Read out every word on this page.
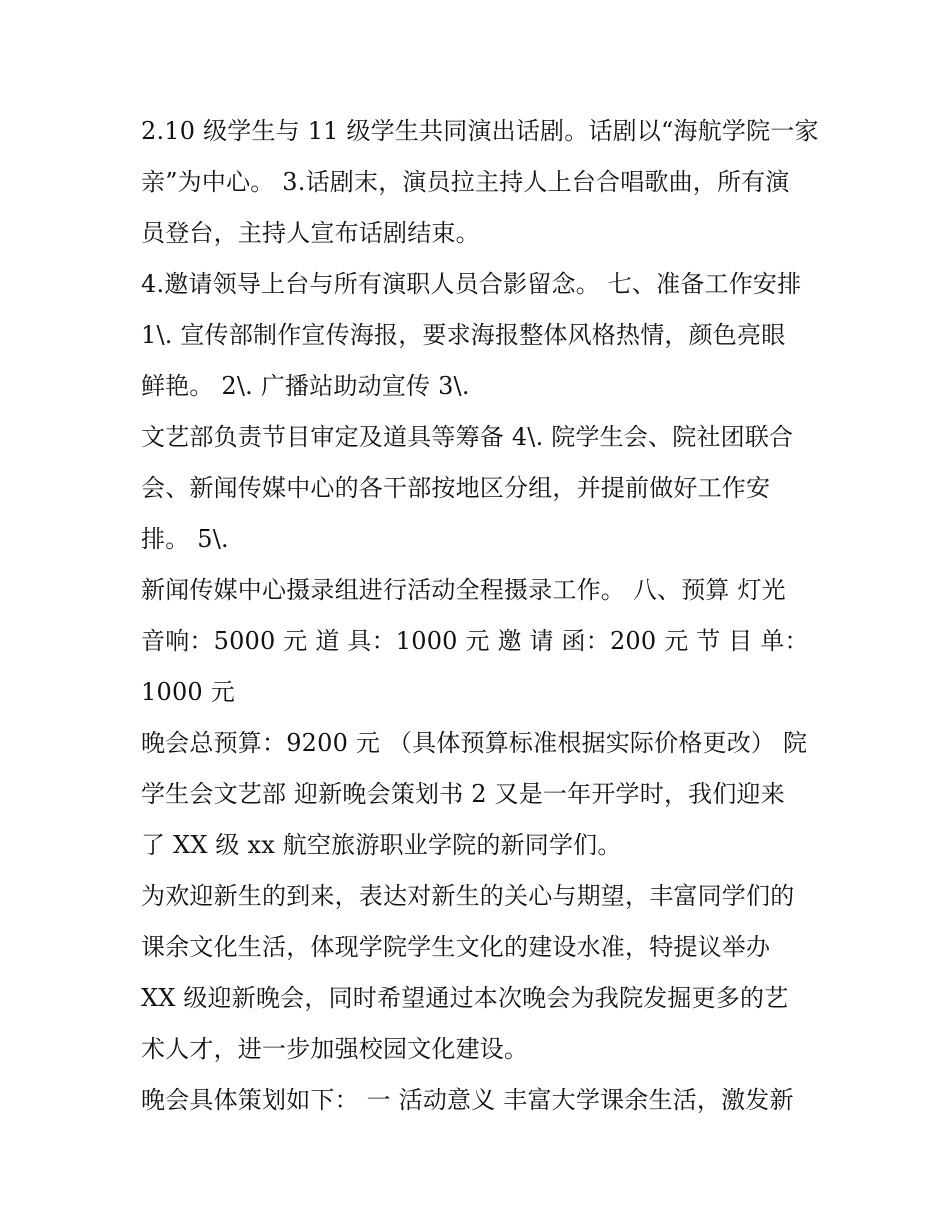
2.10 级学生与 11 级学生共同演出话剧。话剧以“海航学院一家
亲”为中心。 3.话剧末，演员拉主持人上台合唱歌曲，所有演
员登台，主持人宣布话剧结束。
4.邀请领导上台与所有演职人员合影留念。 七、准备工作安排
1\. 宣传部制作宣传海报，要求海报整体风格热情，颜色亮眼
鲜艳。 2\. 广播站助动宣传 3\.
文艺部负责节目审定及道具等筹备 4\. 院学生会、院社团联合
会、新闻传媒中心的各干部按地区分组，并提前做好工作安
排。 5\.
新闻传媒中心摄录组进行活动全程摄录工作。 八、预算 灯光
音响：5000 元 道 具：1000 元 邀 请 函：200 元 节 目 单：
1000 元
晚会总预算：9200 元 （具体预算标准根据实际价格更改） 院
学生会文艺部 迎新晚会策划书 2 又是一年开学时，我们迎来
了 XX 级 xx 航空旅游职业学院的新同学们。
为欢迎新生的到来，表达对新生的关心与期望，丰富同学们的
课余文化生活，体现学院学生文化的建设水准，特提议举办
XX 级迎新晚会，同时希望通过本次晚会为我院发掘更多的艺
术人才，进一步加强校园文化建设。
晚会具体策划如下： 一 活动意义 丰富大学课余生活，激发新
